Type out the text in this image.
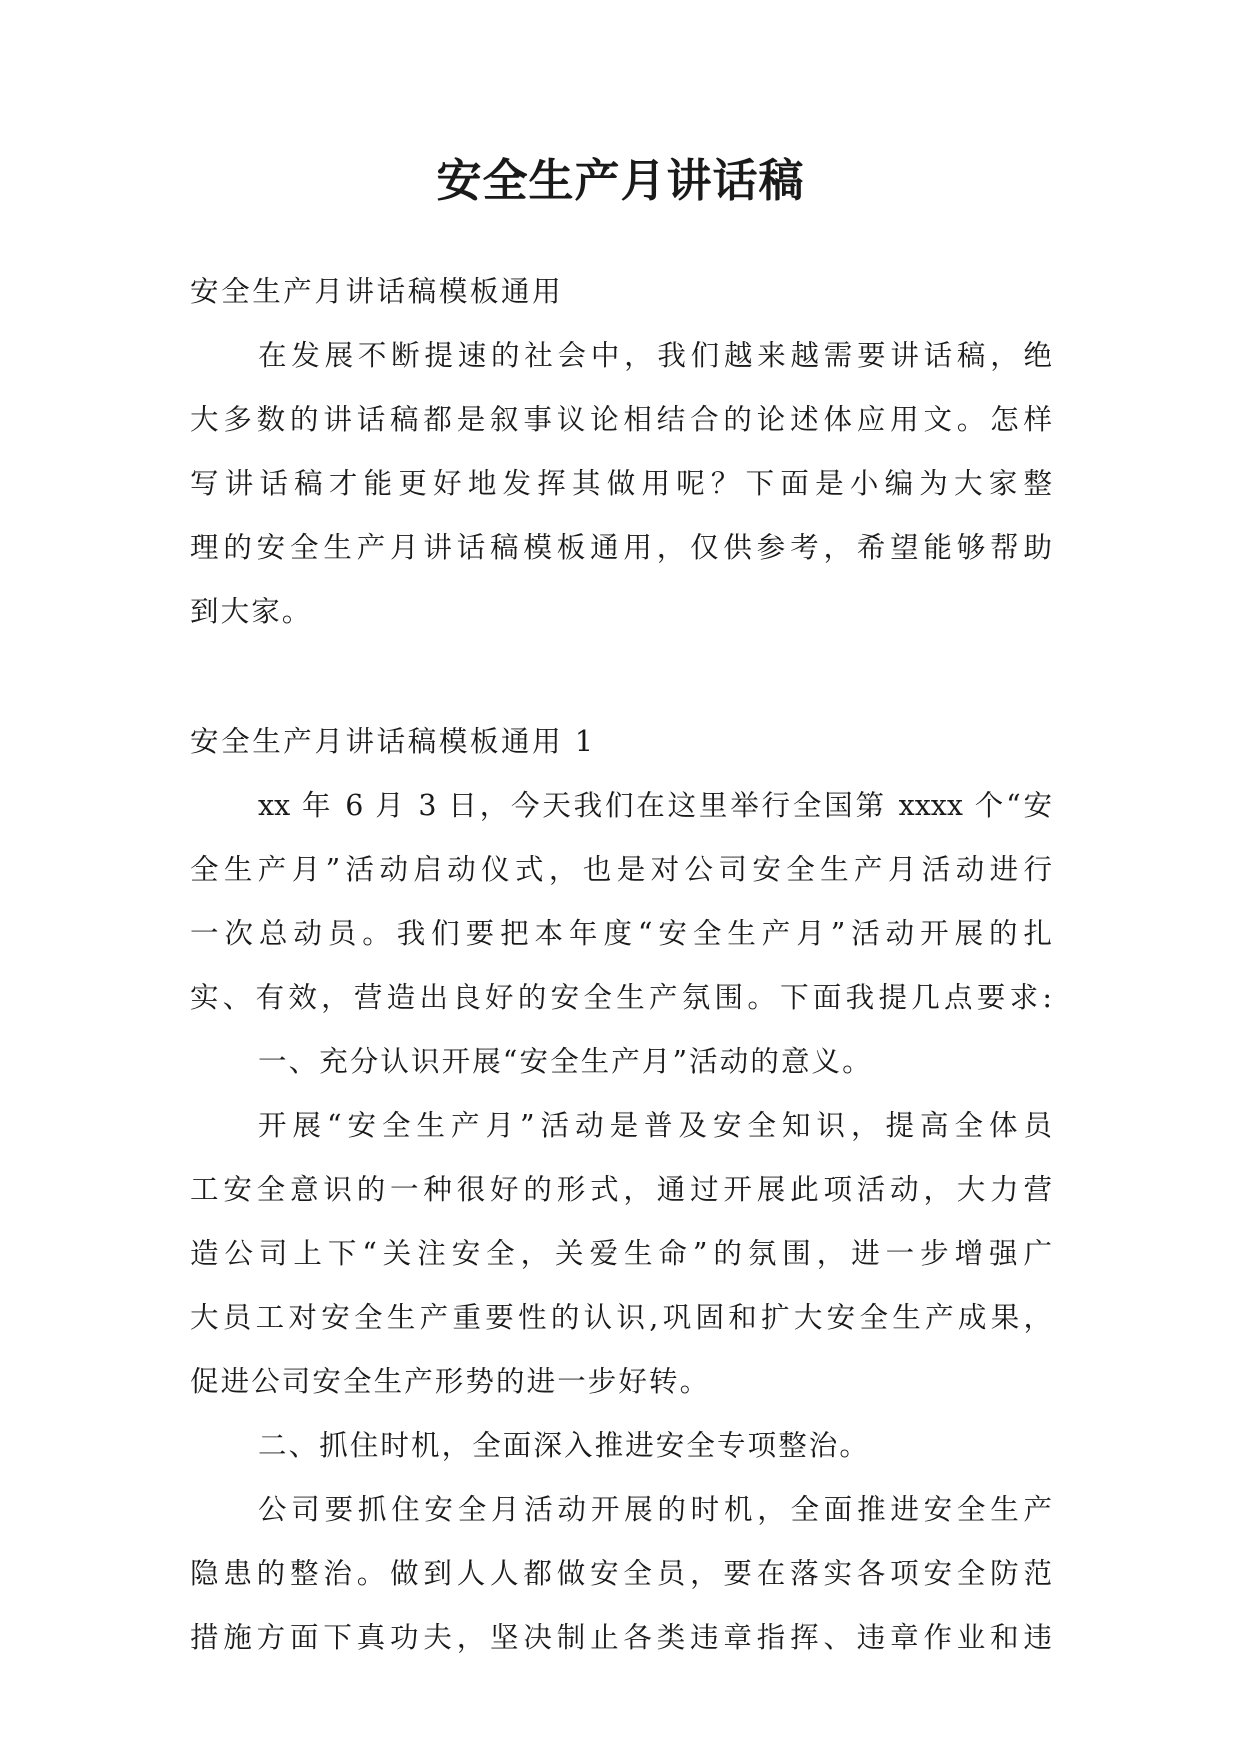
安全生产月讲话稿
安全生产月讲话稿模板通用
在发展不断提速的社会中，我们越来越需要讲话稿，绝
大多数的讲话稿都是叙事议论相结合的论述体应用文。怎样
写讲话稿才能更好地发挥其做用呢？下面是小编为大家整
理的安全生产月讲话稿模板通用，仅供参考，希望能够帮助
到大家。
安全生产月讲话稿模板通用 1
xx 年 6 月 3 日，今天我们在这里举行全国第 xxxx 个“安
全生产月”活动启动仪式，也是对公司安全生产月活动进行
一次总动员。我们要把本年度“安全生产月”活动开展的扎
实、有效，营造出良好的安全生产氛围。下面我提几点要求:
一、充分认识开展“安全生产月”活动的意义。
开展“安全生产月”活动是普及安全知识，提高全体员
工安全意识的一种很好的形式，通过开展此项活动，大力营
造公司上下“关注安全，关爱生命”的氛围，进一步增强广
大员工对安全生产重要性的认识,巩固和扩大安全生产成果，
促进公司安全生产形势的进一步好转。
二、抓住时机，全面深入推进安全专项整治。
公司要抓住安全月活动开展的时机，全面推进安全生产
隐患的整治。做到人人都做安全员，要在落实各项安全防范
措施方面下真功夫，坚决制止各类违章指挥、违章作业和违
